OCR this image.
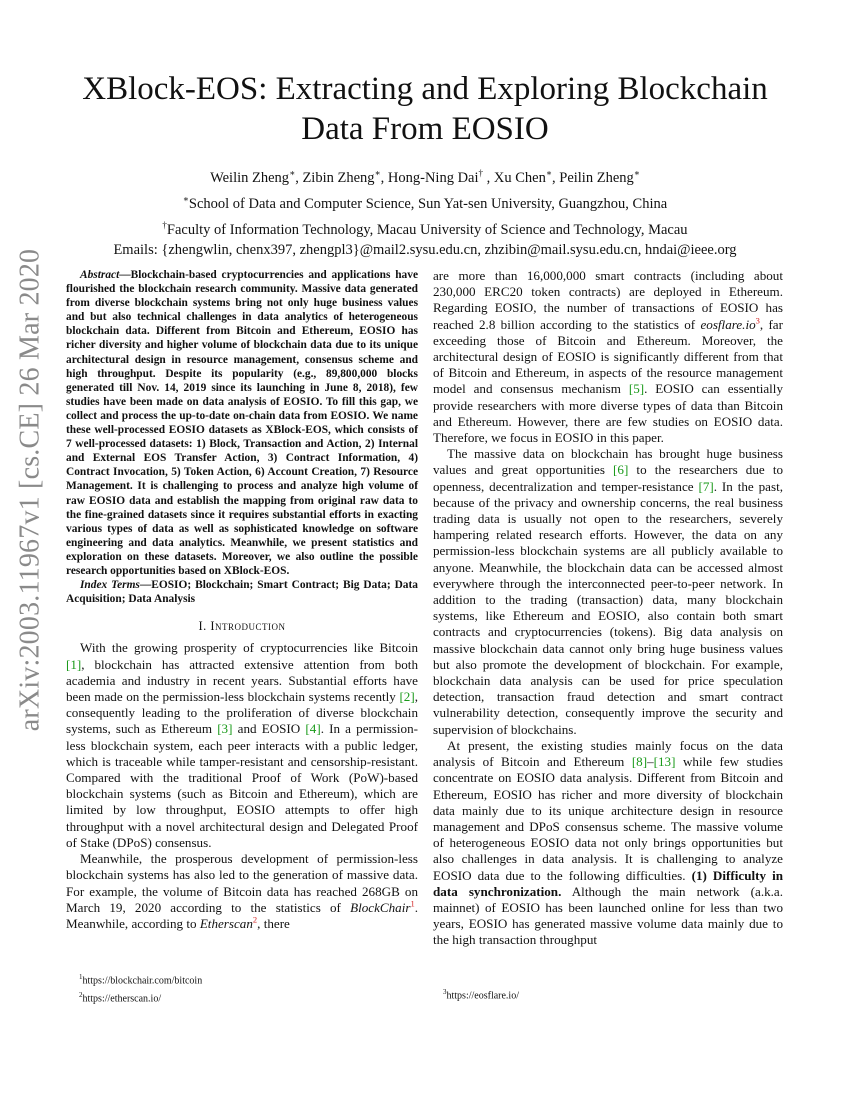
arXiv:2003.11967v1 [cs.CE] 26 Mar 2020
XBlock-EOS: Extracting and Exploring Blockchain Data From EOSIO
Weilin Zheng∗, Zibin Zheng∗, Hong-Ning Dai† , Xu Chen∗, Peilin Zheng∗
∗School of Data and Computer Science, Sun Yat-sen University, Guangzhou, China
†Faculty of Information Technology, Macau University of Science and Technology, Macau
Emails: {zhengwlin, chenx397, zhengpl3}@mail2.sysu.edu.cn, zhzibin@mail.sysu.edu.cn, hndai@ieee.org

Abstract—Blockchain-based cryptocurrencies and applications have flourished the blockchain research community. Massive data generated from diverse blockchain systems bring not only huge business values and but also technical challenges in data analytics of heterogeneous blockchain data. Different from Bitcoin and Ethereum, EOSIO has richer diversity and higher volume of blockchain data due to its unique architectural design in resource management, consensus scheme and high throughput. Despite its popularity (e.g., 89,800,000 blocks generated till Nov. 14, 2019 since its launching in June 8, 2018), few studies have been made on data analysis of EOSIO. To fill this gap, we collect and process the up-to-date on-chain data from EOSIO. We name these well-processed EOSIO datasets as XBlock-EOS, which consists of 7 well-processed datasets: 1) Block, Transaction and Action, 2) Internal and External EOS Transfer Action, 3) Contract Information, 4) Contract Invocation, 5) Token Action, 6) Account Creation, 7) Resource Management. It is challenging to process and analyze high volume of raw EOSIO data and establish the mapping from original raw data to the fine-grained datasets since it requires substantial efforts in exacting various types of data as well as sophisticated knowledge on software engineering and data analytics. Meanwhile, we present statistics and exploration on these datasets. Moreover, we also outline the possible research opportunities based on XBlock-EOS.

Index Terms—EOSIO; Blockchain; Smart Contract; Big Data; Data Acquisition; Data Analysis

I. Introduction

With the growing prosperity of cryptocurrencies like Bitcoin [1], blockchain has attracted extensive attention from both academia and industry in recent years. Substantial efforts have been made on the permission-less blockchain systems recently [2], consequently leading to the proliferation of diverse blockchain systems, such as Ethereum [3] and EOSIO [4]. In a permission-less blockchain system, each peer interacts with a public ledger, which is traceable while tamper-resistant and censorship-resistant. Compared with the traditional Proof of Work (PoW)-based blockchain systems (such as Bitcoin and Ethereum), which are limited by low throughput, EOSIO attempts to offer high throughput with a novel architectural design and Delegated Proof of Stake (DPoS) consensus.

Meanwhile, the prosperous development of permission-less blockchain systems has also led to the generation of massive data. For example, the volume of Bitcoin data has reached 268GB on March 19, 2020 according to the statistics of BlockChair$^1$. Meanwhile, according to Etherscan$^2$, there

are more than 16,000,000 smart contracts (including about 230,000 ERC20 token contracts) are deployed in Ethereum. Regarding EOSIO, the number of transactions of EOSIO has reached 2.8 billion according to the statistics of eosflare.io$^3$, far exceeding those of Bitcoin and Ethereum. Moreover, the architectural design of EOSIO is significantly different from that of Bitcoin and Ethereum, in aspects of the resource management model and consensus mechanism [5]. EOSIO can essentially provide researchers with more diverse types of data than Bitcoin and Ethereum. However, there are few studies on EOSIO data. Therefore, we focus in EOSIO in this paper.

The massive data on blockchain has brought huge business values and great opportunities [6] to the researchers due to openness, decentralization and temper-resistance [7]. In the past, because of the privacy and ownership concerns, the real business trading data is usually not open to the researchers, severely hampering related research efforts. However, the data on any permission-less blockchain systems are all publicly available to anyone. Meanwhile, the blockchain data can be accessed almost everywhere through the interconnected peer-to-peer network. In addition to the trading (transaction) data, many blockchain systems, like Ethereum and EOSIO, also contain both smart contracts and cryptocurrencies (tokens). Big data analysis on massive blockchain data cannot only bring huge business values but also promote the development of blockchain. For example, blockchain data analysis can be used for price speculation detection, transaction fraud detection and smart contract vulnerability detection, consequently improve the security and supervision of blockchains.

At present, the existing studies mainly focus on the data analysis of Bitcoin and Ethereum [8]–[13] while few studies concentrate on EOSIO data analysis. Different from Bitcoin and Ethereum, EOSIO has richer and more diversity of blockchain data mainly due to its unique architecture design in resource management and DPoS consensus scheme. The massive volume of heterogeneous EOSIO data not only brings opportunities but also challenges in data analysis. It is challenging to analyze EOSIO data due to the following difficulties. (1) Difficulty in data synchronization. Although the main network (a.k.a. mainnet) of EOSIO has been launched online for less than two years, EOSIO has generated massive volume data mainly due to the high transaction throughput

$^1$https://blockchair.com/bitcoin
$^2$https://etherscan.io/
$^3$https://eosflare.io/
